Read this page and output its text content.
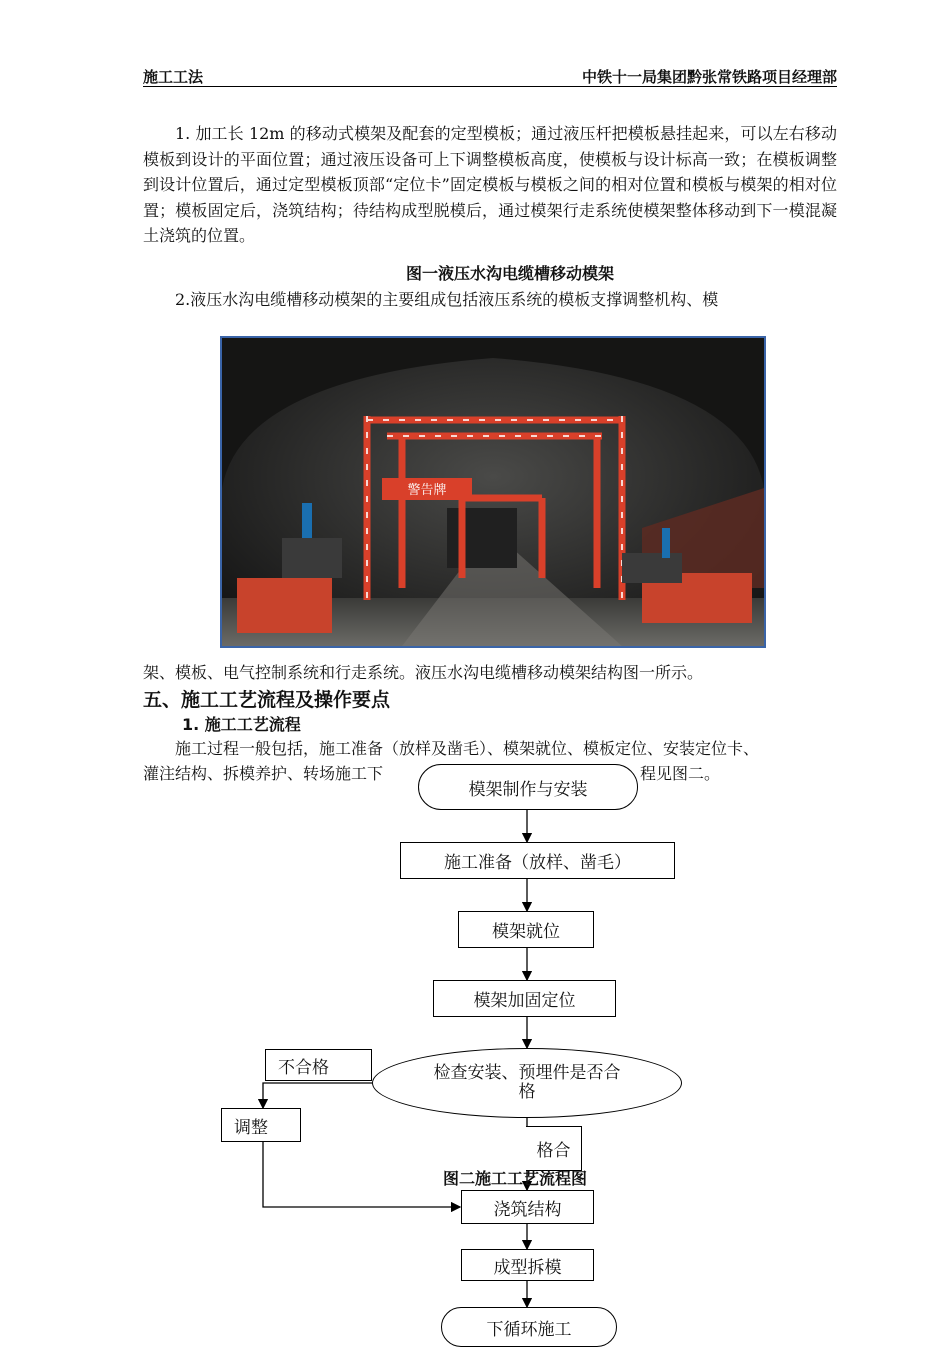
施工工法	中铁十一局集团黔张常铁路项目经理部
1. 加工长 12m 的移动式模架及配套的定型模板；通过液压杆把模板悬挂起来，可以左右移动模板到设计的平面位置；通过液压设备可上下调整模板高度，使模板与设计标高一致；在模板调整到设计位置后，通过定型模板顶部“定位卡”固定模板与模板之间的相对位置和模板与模架的相对位置；模板固定后，浇筑结构；待结构成型脱模后，通过模架行走系统使模架整体移动到下一模混凝土浇筑的位置。
图一液压水沟电缆槽移动模架
2.液压水沟电缆槽移动模架的主要组成包括液压系统的模板支撑调整机构、模
警告牌
架、模板、电气控制系统和行走系统。液压水沟电缆槽移动模架结构图一所示。
五、施工工艺流程及操作要点
1. 施工工艺流程
施工过程一般包括，施工准备（放样及凿毛）、模架就位、模板定位、安装定位卡、
灌注结构、拆模养护、转场施工下	程见图二。
模架制作与安装
施工准备（放样、凿毛）
模架就位
模架加固定位
检查安装、预埋件是否合格
不合格
调整
格合
图二施工工艺流程图
浇筑结构
成型拆模
下循环施工
